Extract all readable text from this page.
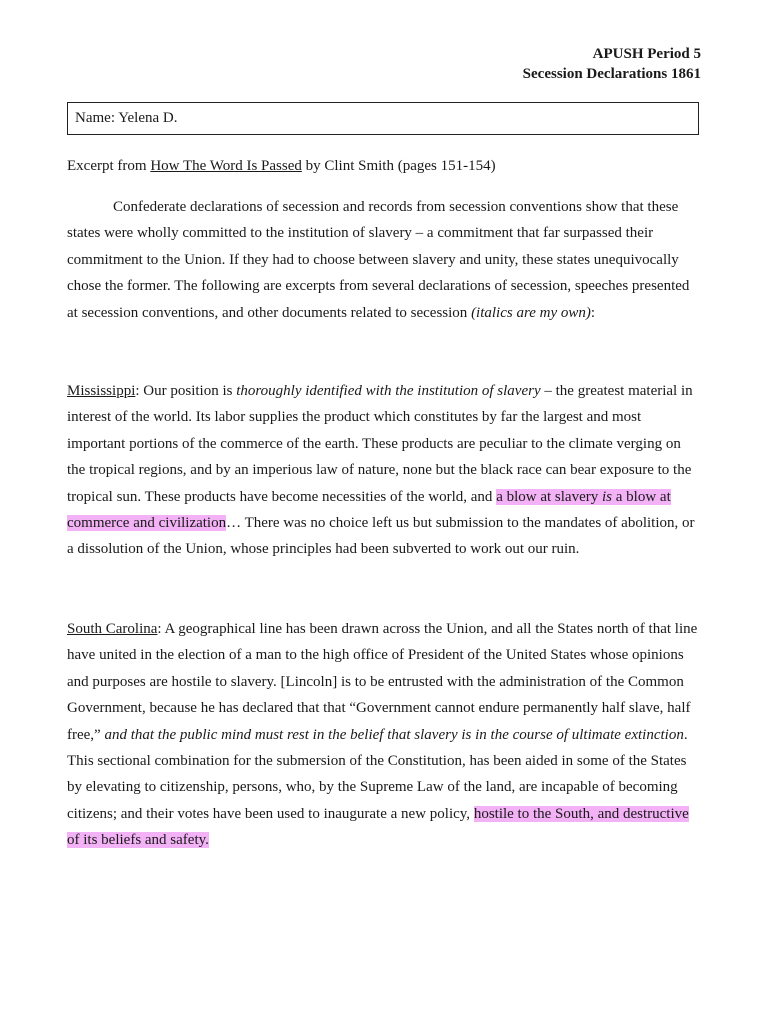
APUSH Period 5
Secession Declarations 1861
Name: Yelena D.
Excerpt from How The Word Is Passed by Clint Smith (pages 151-154)

Confederate declarations of secession and records from secession conventions show that these states were wholly committed to the institution of slavery – a commitment that far surpassed their commitment to the Union. If they had to choose between slavery and unity, these states unequivocally chose the former. The following are excerpts from several declarations of secession, speeches presented at secession conventions, and other documents related to secession (italics are my own):

Mississippi: Our position is thoroughly identified with the institution of slavery – the greatest material in interest of the world. Its labor supplies the product which constitutes by far the largest and most important portions of the commerce of the earth. These products are peculiar to the climate verging on the tropical regions, and by an imperious law of nature, none but the black race can bear exposure to the tropical sun. These products have become necessities of the world, and a blow at slavery is a blow at commerce and civilization… There was no choice left us but submission to the mandates of abolition, or a dissolution of the Union, whose principles had been subverted to work out our ruin.

South Carolina: A geographical line has been drawn across the Union, and all the States north of that line have united in the election of a man to the high office of President of the United States whose opinions and purposes are hostile to slavery. [Lincoln] is to be entrusted with the administration of the Common Government, because he has declared that that “Government cannot endure permanently half slave, half free,” and that the public mind must rest in the belief that slavery is in the course of ultimate extinction. This sectional combination for the submersion of the Constitution, has been aided in some of the States by elevating to citizenship, persons, who, by the Supreme Law of the land, are incapable of becoming citizens; and their votes have been used to inaugurate a new policy, hostile to the South, and destructive of its beliefs and safety.
